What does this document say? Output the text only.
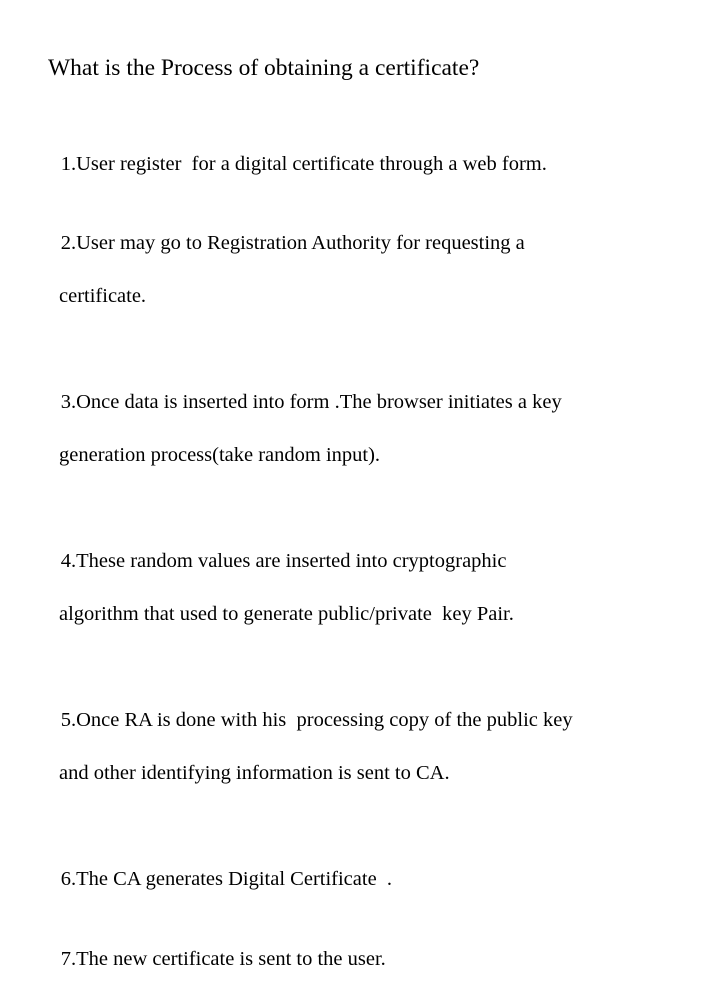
What is the Process of obtaining a certificate?

1.User register  for a digital certificate through a web form.

2.User may go to Registration Authority for requesting a

certificate.

3.Once data is inserted into form .The browser initiates a key

generation process(take random input).

4.These random values are inserted into cryptographic

algorithm that used to generate public/private  key Pair.

5.Once RA is done with his  processing copy of the public key

and other identifying information is sent to CA.

6.The CA generates Digital Certificate  .

7.The new certificate is sent to the user.
